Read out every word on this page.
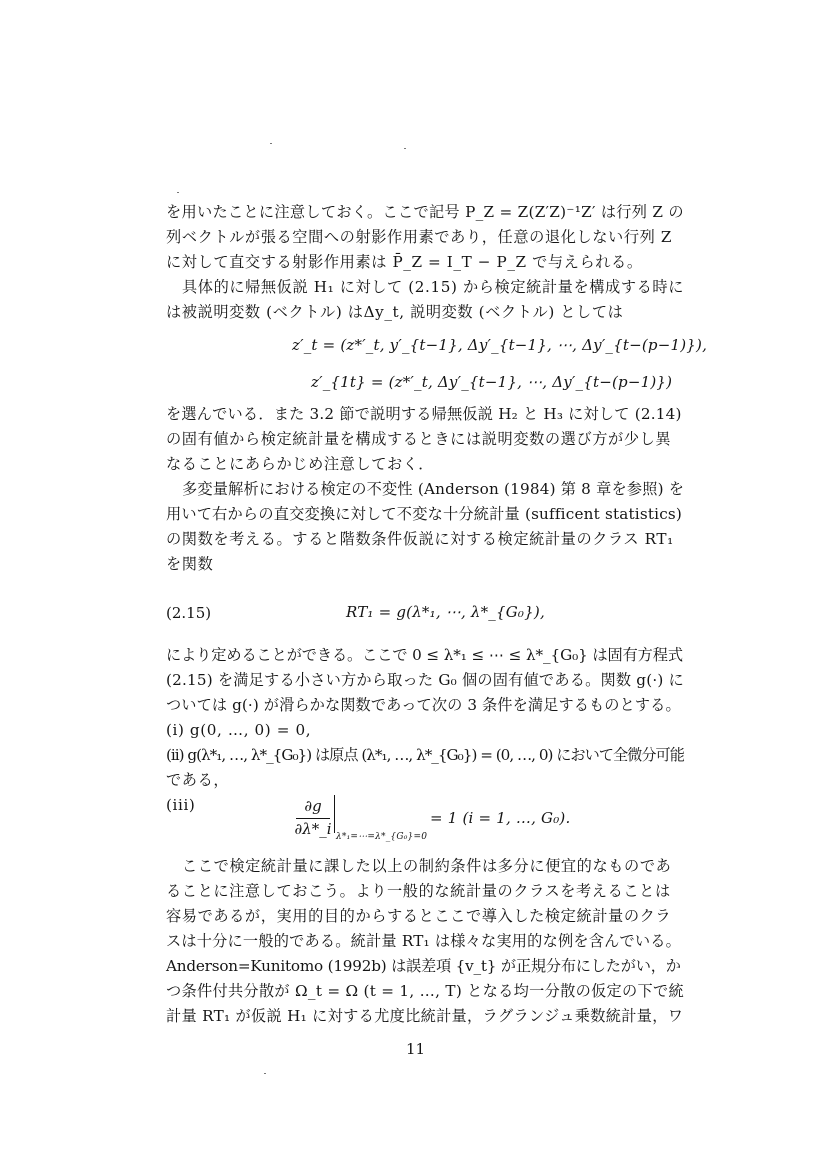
を用いたことに注意しておく。ここで記号 P_Z = Z(Z′Z)⁻¹Z′ は行列 Z の
列ベクトルが張る空間への射影作用素であり，任意の退化しない行列 Z
に対して直交する射影作用素は P̄_Z = I_T − P_Z で与えられる。
具体的に帰無仮説 H₁ に対して (2.15) から検定統計量を構成する時に
は被説明変数 (ベクトル) はΔy_t, 説明変数 (ベクトル) としては
z′_t = (z*′_t, y′_{t−1}, Δy′_{t−1}, ⋯, Δy′_{t−(p−1)}),
z′_{1t} = (z*′_t, Δy′_{t−1}, ⋯, Δy′_{t−(p−1)})
を選んでいる．また 3.2 節で説明する帰無仮説 H₂ と H₃ に対して (2.14)
の固有値から検定統計量を構成するときには説明変数の選び方が少し異
なることにあらかじめ注意しておく．
多変量解析における検定の不変性 (Anderson (1984) 第 8 章を参照) を
用いて右からの直交変換に対して不変な十分統計量 (sufficent statistics)
の関数を考える。すると階数条件仮説に対する検定統計量のクラス RT₁
を関数
(2.15)	RT₁ = g(λ*₁, ⋯, λ*_{G₀}),
により定めることができる。ここで 0 ≤ λ*₁ ≤ ⋯ ≤ λ*_{G₀} は固有方程式
(2.15) を満足する小さい方から取った G₀ 個の固有値である。関数 g(·) に
ついては g(·) が滑らかな関数であって次の 3 条件を満足するものとする。
(i) g(0, …, 0) = 0,
(ii) g(λ*₁, …, λ*_{G₀}) は原点 (λ*₁, …, λ*_{G₀}) = (0, …, 0) において全微分可能
である，
(iii)	∂g
∂λ*_i λ*₁=⋯=λ*_{G₀}=0
= 1 (i = 1, …, G₀).
ここで検定統計量に課した以上の制約条件は多分に便宜的なものであ
ることに注意しておこう。より一般的な統計量のクラスを考えることは
容易であるが，実用的目的からするとここで導入した検定統計量のクラ
スは十分に一般的である。統計量 RT₁ は様々な実用的な例を含んでいる。
Anderson=Kunitomo (1992b) は誤差項 {v_t} が正規分布にしたがい，か
つ条件付共分散が Ω_t = Ω (t = 1, …, T) となる均一分散の仮定の下で統
計量 RT₁ が仮説 H₁ に対する尤度比統計量，ラグランジュ乗数統計量，ワ
11
